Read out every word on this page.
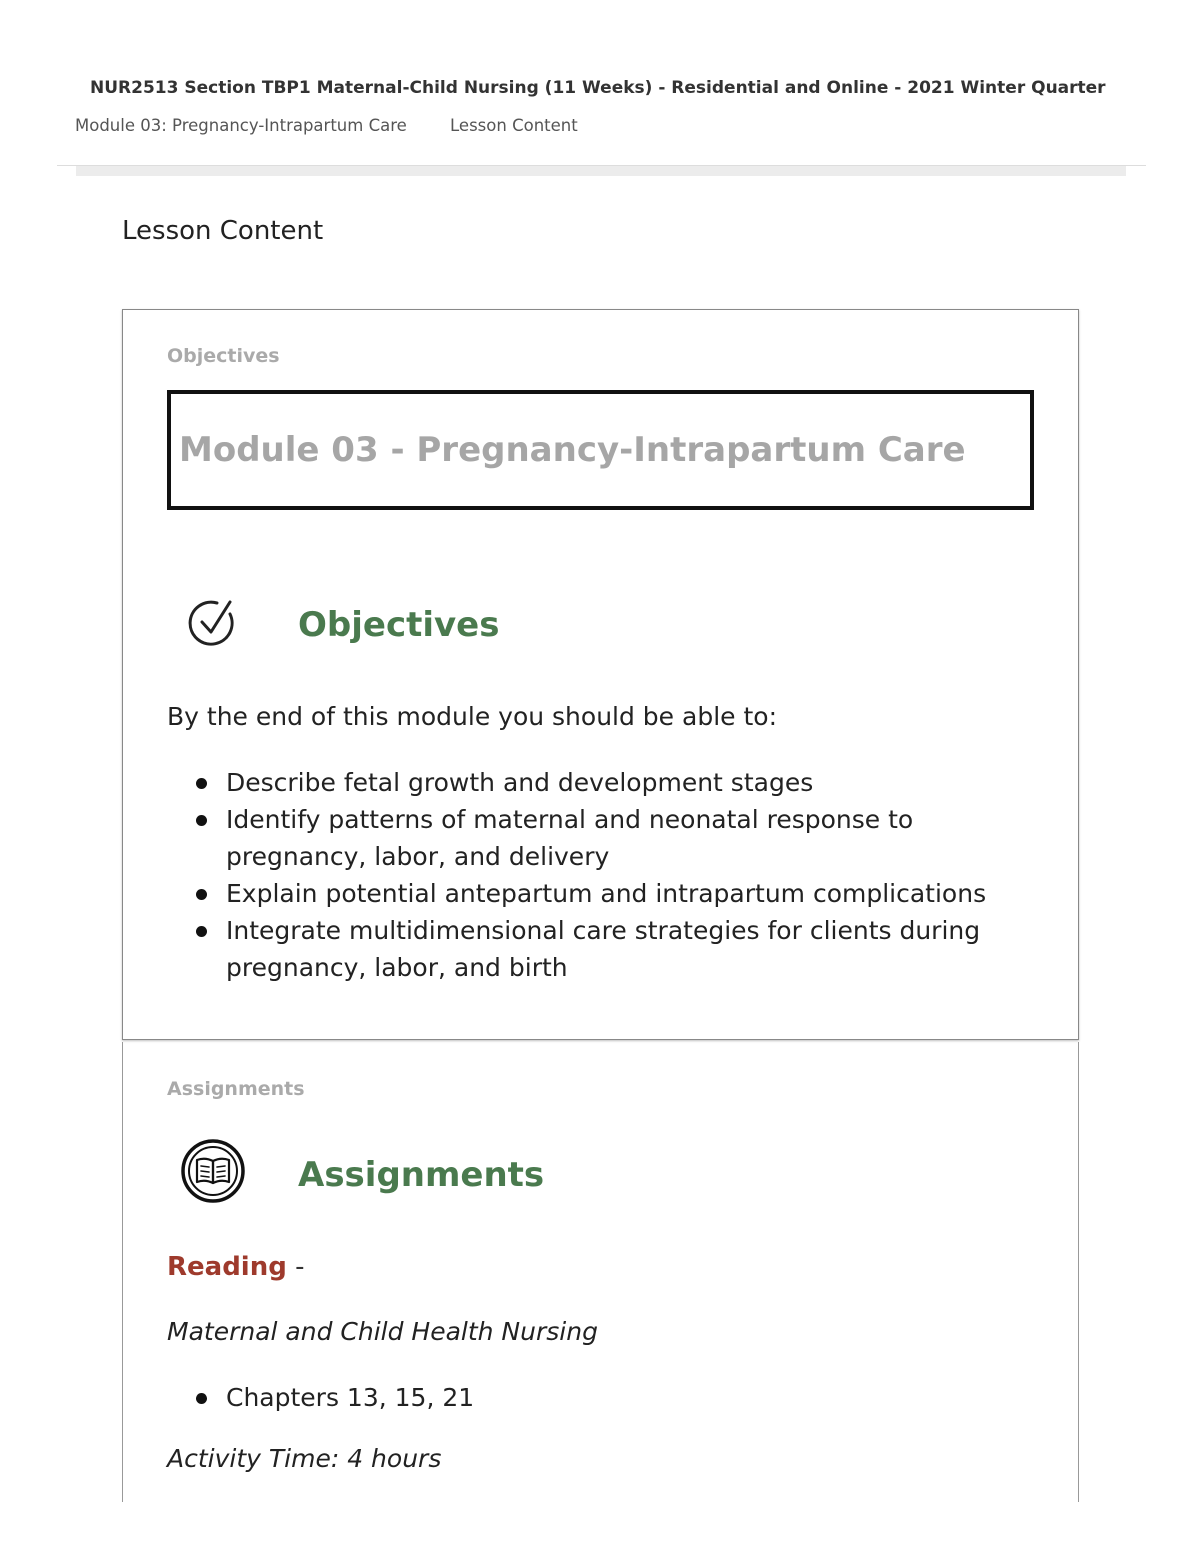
NUR2513 Section TBP1 Maternal-Child Nursing (11 Weeks) - Residential and Online - 2021 Winter Quarter
Module 03: Pregnancy-Intrapartum Care	Lesson Content
Lesson Content
Objectives
Module 03 - Pregnancy-Intrapartum Care
Objectives
By the end of this module you should be able to:
Describe fetal growth and development stages
Identify patterns of maternal and neonatal response to
pregnancy, labor, and delivery
Explain potential antepartum and intrapartum complications
Integrate multidimensional care strategies for clients during
pregnancy, labor, and birth
Assignments
Assignments
Reading -
Maternal and Child Health Nursing
Chapters 13, 15, 21
Activity Time: 4 hours
